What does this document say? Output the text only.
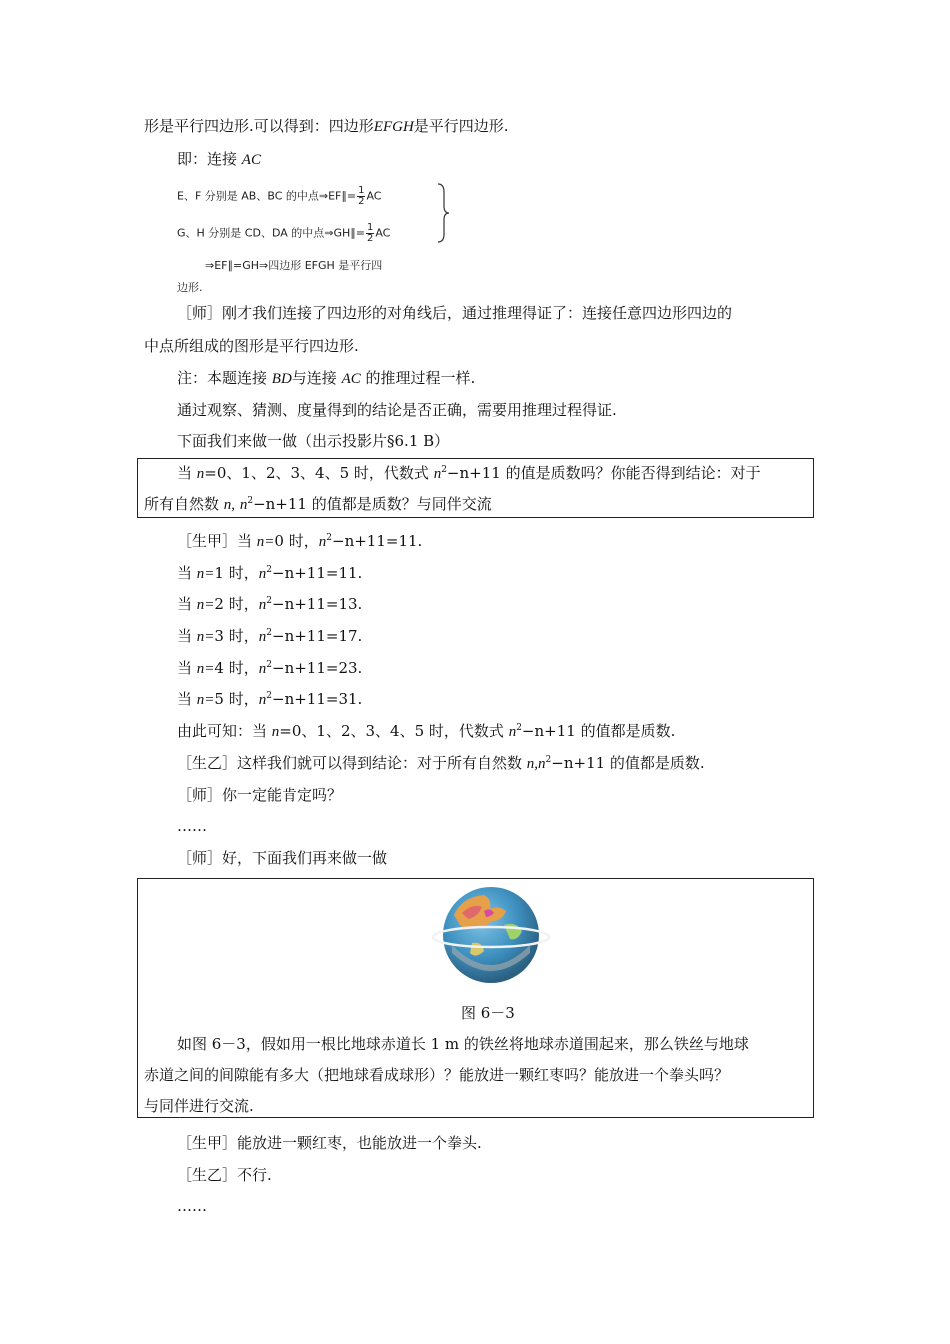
形是平行四边形.可以得到：四边形EFGH是平行四边形.
即：连接 AC
E、F 分别是 AB、BC 的中点⇒EF∥= $\frac{1}{2}$ AC
G、H 分别是 CD、DA 的中点⇒GH∥= $\frac{1}{2}$ AC
⇒EF∥=GH⇒四边形 EFGH 是平行四
边形.
［师］刚才我们连接了四边形的对角线后，通过推理得证了：连接任意四边形四边的
中点所组成的图形是平行四边形.
注：本题连接 BD与连接 AC 的推理过程一样.
通过观察、猜测、度量得到的结论是否正确，需要用推理过程得证.
下面我们来做一做（出示投影片§6.1 B）
当 n=0、1、2、3、4、5 时，代数式 $n^2-n+11$ 的值是质数吗？你能否得到结论：对于
所有自然数 n, $n^2-n+11$ 的值都是质数？与同伴交流
［生甲］当 n=0 时，$n^2-n+11=11$.
当 n=1 时，$n^2-n+11=11$.
当 n=2 时，$n^2-n+11=13$.
当 n=3 时，$n^2-n+11=17$.
当 n=4 时，$n^2-n+11=23$.
当 n=5 时，$n^2-n+11=31$.
由此可知：当 n=0、1、2、3、4、5 时，代数式 $n^2-n+11$ 的值都是质数.
［生乙］这样我们就可以得到结论：对于所有自然数 $n,n^2-n+11$ 的值都是质数.
［师］你一定能肯定吗？
……
［师］好，下面我们再来做一做
图 6－3
如图 6－3，假如用一根比地球赤道长 1 m 的铁丝将地球赤道围起来，那么铁丝与地球
赤道之间的间隙能有多大（把地球看成球形）？能放进一颗红枣吗？能放进一个拳头吗？
与同伴进行交流.
［生甲］能放进一颗红枣，也能放进一个拳头.
［生乙］不行.
……
